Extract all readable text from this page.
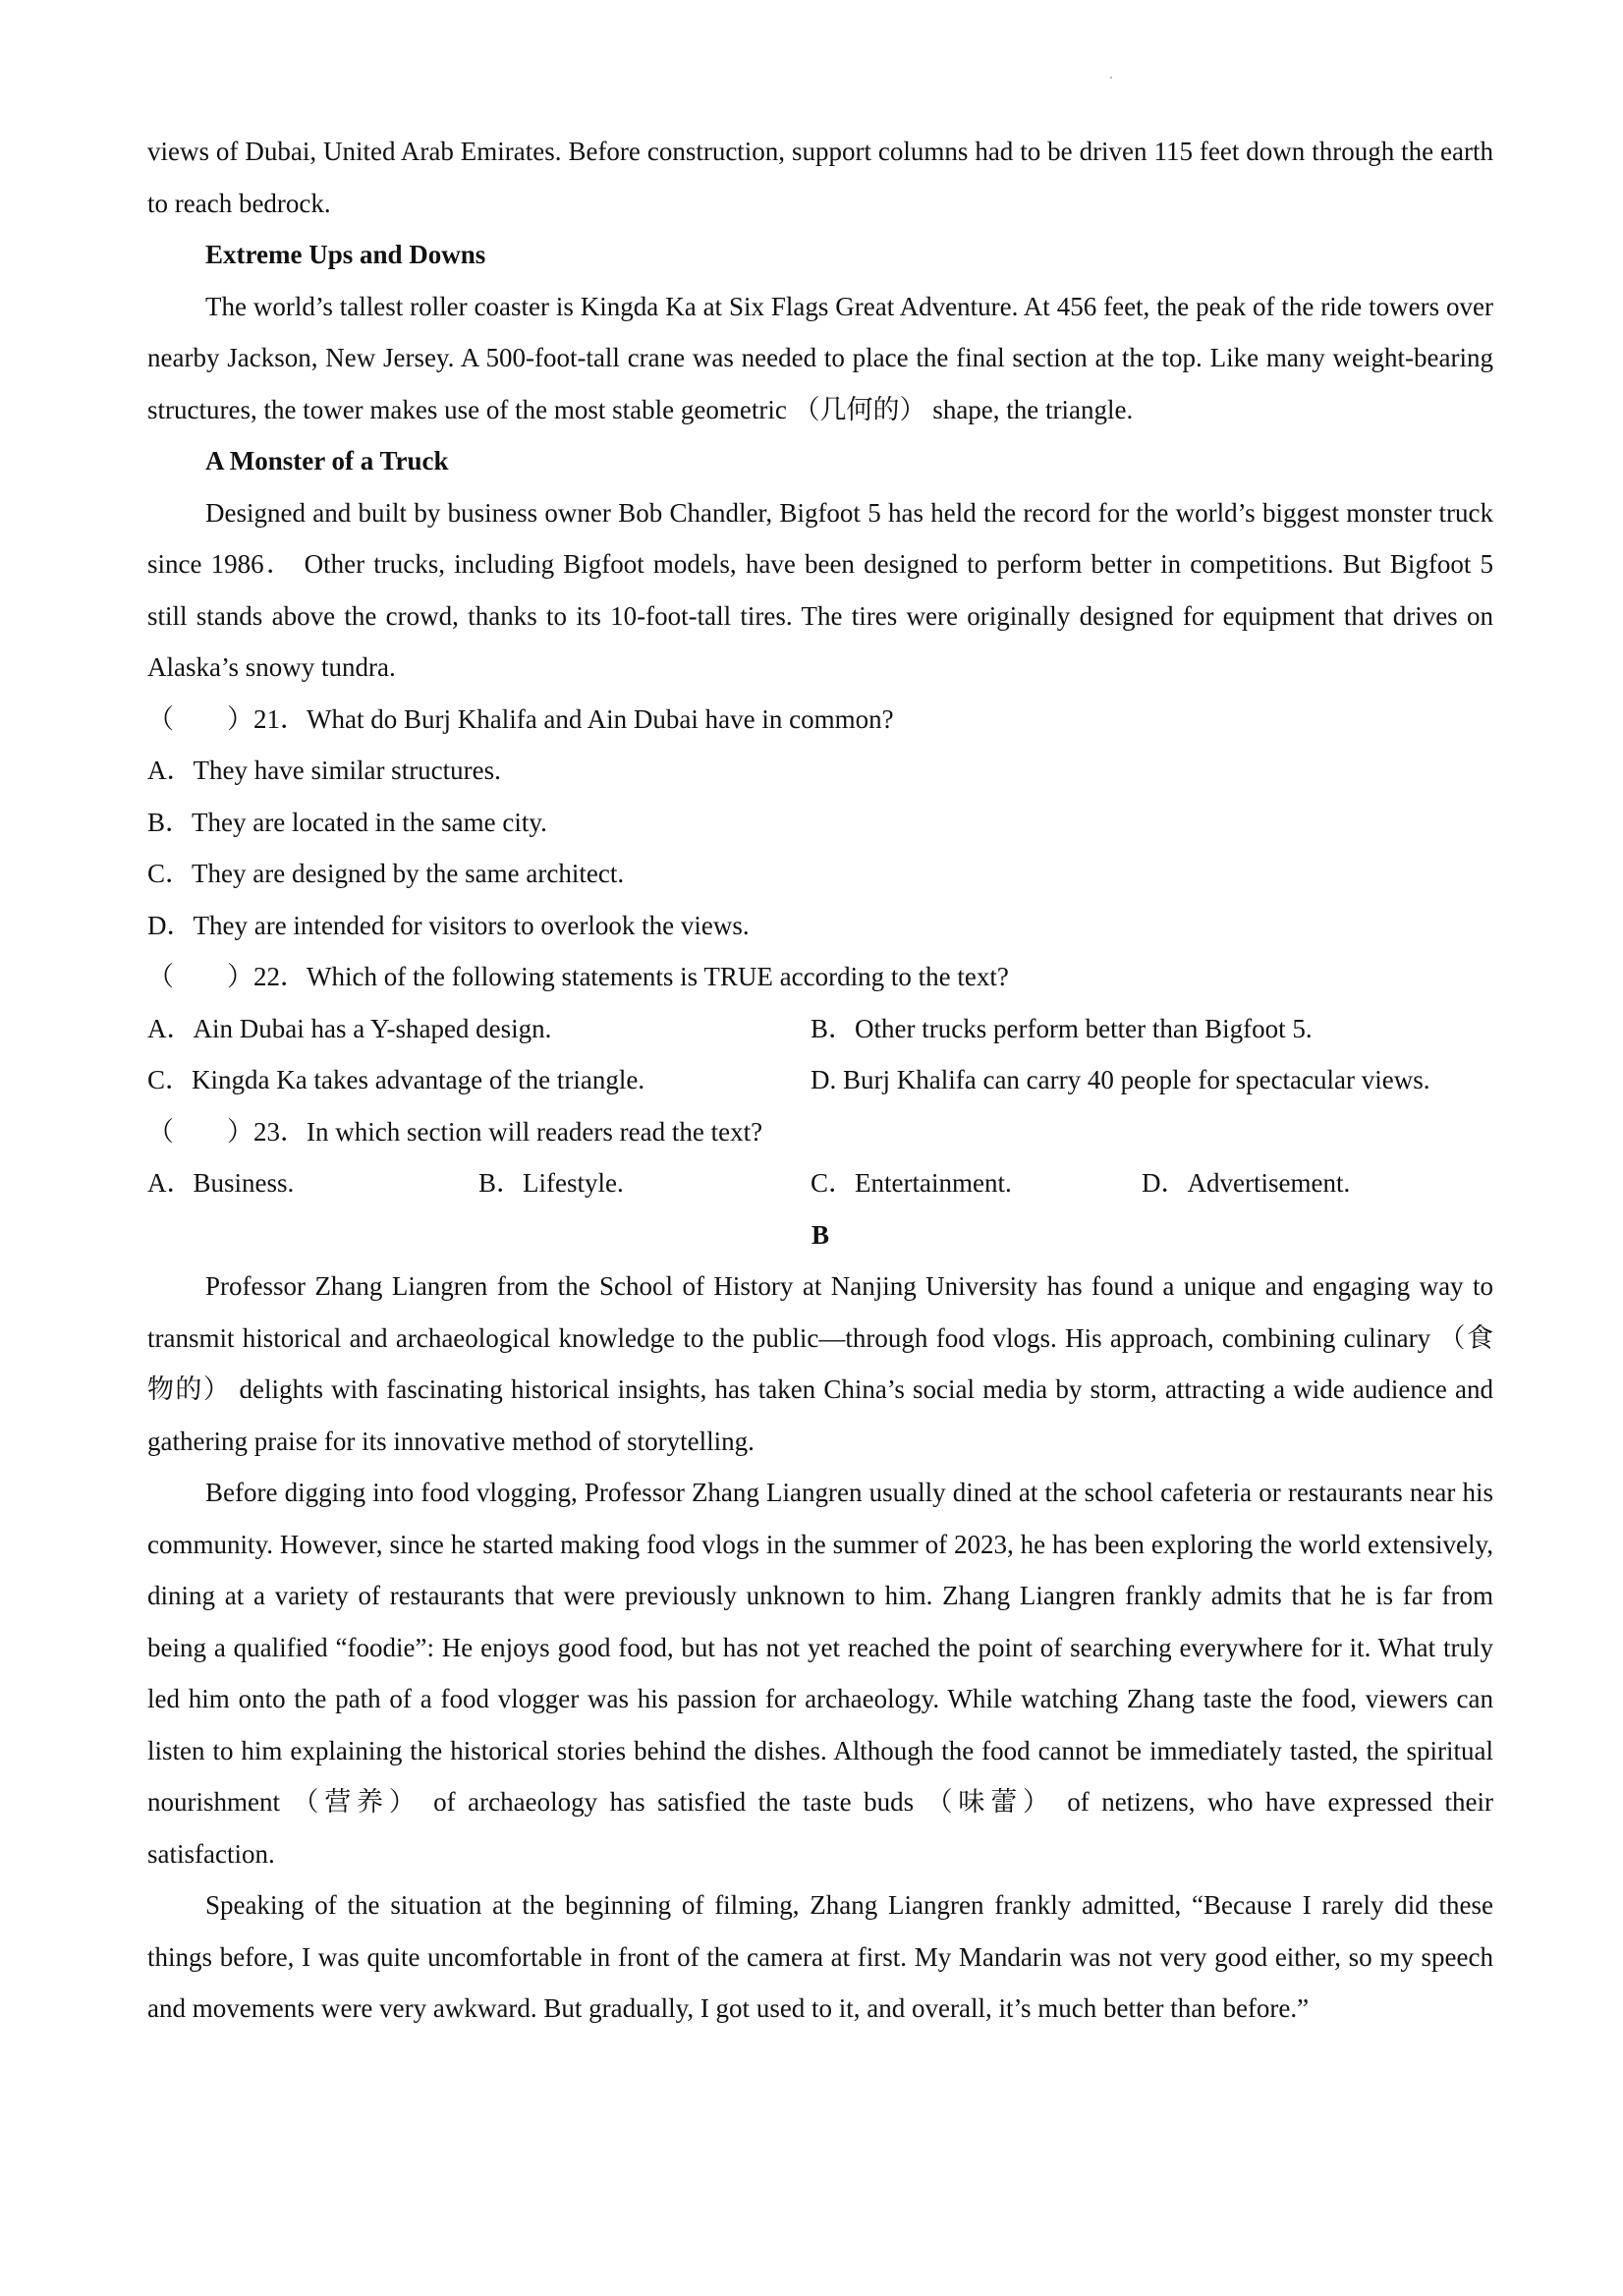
views of Dubai, United Arab Emirates. Before construction, support columns had to be driven 115 feet down through the earth to reach bedrock.

Extreme Ups and Downs

The world’s tallest roller coaster is Kingda Ka at Six Flags Great Adventure. At 456 feet, the peak of the ride towers over nearby Jackson, New Jersey. A 500-foot-tall crane was needed to place the final section at the top. Like many weight-bearing structures, the tower makes use of the most stable geometric （几何的） shape, the triangle.

A Monster of a Truck

Designed and built by business owner Bob Chandler, Bigfoot 5 has held the record for the world’s biggest monster truck since 1986． Other trucks, including Bigfoot models, have been designed to perform better in competitions. But Bigfoot 5 still stands above the crowd, thanks to its 10-foot-tall tires. The tires were originally designed for equipment that drives on Alaska’s snowy tundra.

（　　）21．What do Burj Khalifa and Ain Dubai have in common?

A．They have similar structures.

B．They are located in the same city.

C．They are designed by the same architect.

D．They are intended for visitors to overlook the views.

（　　）22．Which of the following statements is TRUE according to the text?

A．Ain Dubai has a Y-shaped design.	B．Other trucks perform better than Bigfoot 5.

C．Kingda Ka takes advantage of the triangle.	D. Burj Khalifa can carry 40 people for spectacular views.

（　　）23．In which section will readers read the text?

A．Business.	B．Lifestyle.	C．Entertainment.	D．Advertisement.

B

Professor Zhang Liangren from the School of History at Nanjing University has found a unique and engaging way to transmit historical and archaeological knowledge to the public—through food vlogs. His approach, combining culinary （食物的） delights with fascinating historical insights, has taken China’s social media by storm, attracting a wide audience and gathering praise for its innovative method of storytelling.

Before digging into food vlogging, Professor Zhang Liangren usually dined at the school cafeteria or restaurants near his community. However, since he started making food vlogs in the summer of 2023, he has been exploring the world extensively, dining at a variety of restaurants that were previously unknown to him. Zhang Liangren frankly admits that he is far from being a qualified “foodie”: He enjoys good food, but has not yet reached the point of searching everywhere for it. What truly led him onto the path of a food vlogger was his passion for archaeology. While watching Zhang taste the food, viewers can listen to him explaining the historical stories behind the dishes. Although the food cannot be immediately tasted, the spiritual nourishment （营养） of archaeology has satisfied the taste buds （味蕾） of netizens, who have expressed their satisfaction.

Speaking of the situation at the beginning of filming, Zhang Liangren frankly admitted, “Because I rarely did these things before, I was quite uncomfortable in front of the camera at first. My Mandarin was not very good either, so my speech and movements were very awkward. But gradually, I got used to it, and overall, it’s much better than before.”
